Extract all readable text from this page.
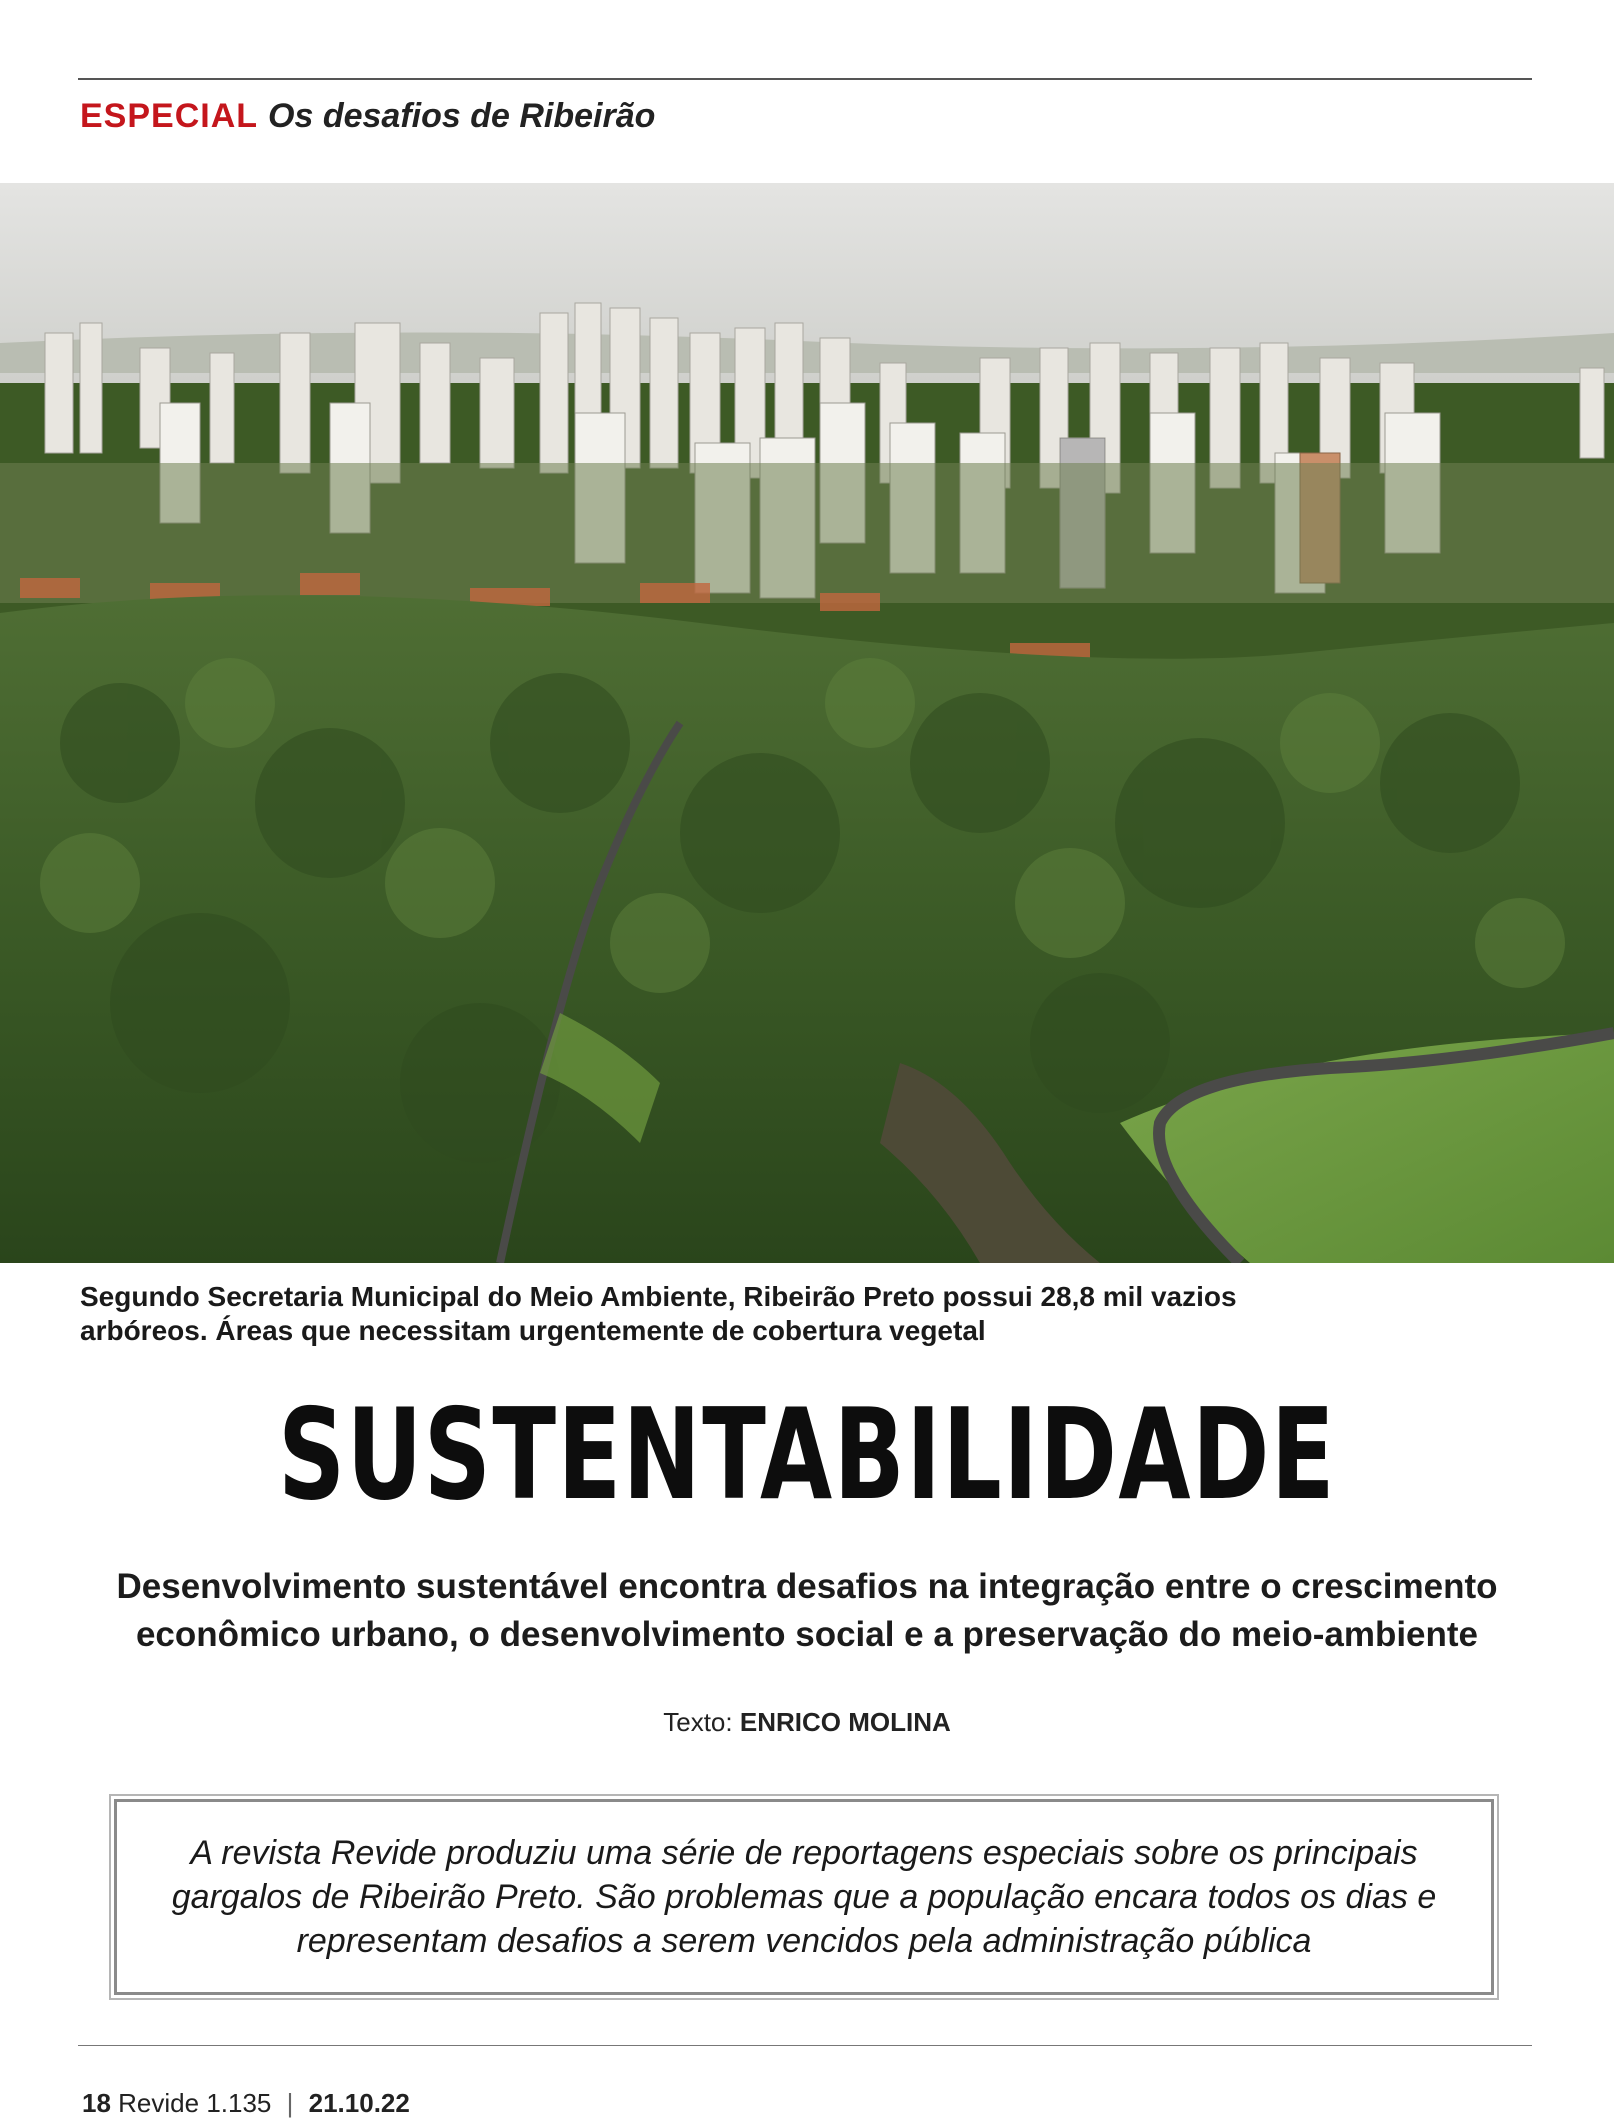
ESPECIAL Os desafios de Ribeirão
Segundo Secretaria Municipal do Meio Ambiente, Ribeirão Preto possui 28,8 mil vazios arbóreos. Áreas que necessitam urgentemente de cobertura vegetal
SUSTENTABILIDADE
Desenvolvimento sustentável encontra desafios na integração entre o crescimento econômico urbano, o desenvolvimento social e a preservação do meio-ambiente
Texto: ENRICO MOLINA
A revista Revide produziu uma série de reportagens especiais sobre os principais gargalos de Ribeirão Preto. São problemas que a população encara todos os dias e representam desafios a serem vencidos pela administração pública
18 Revide 1.135 | 21.10.22
